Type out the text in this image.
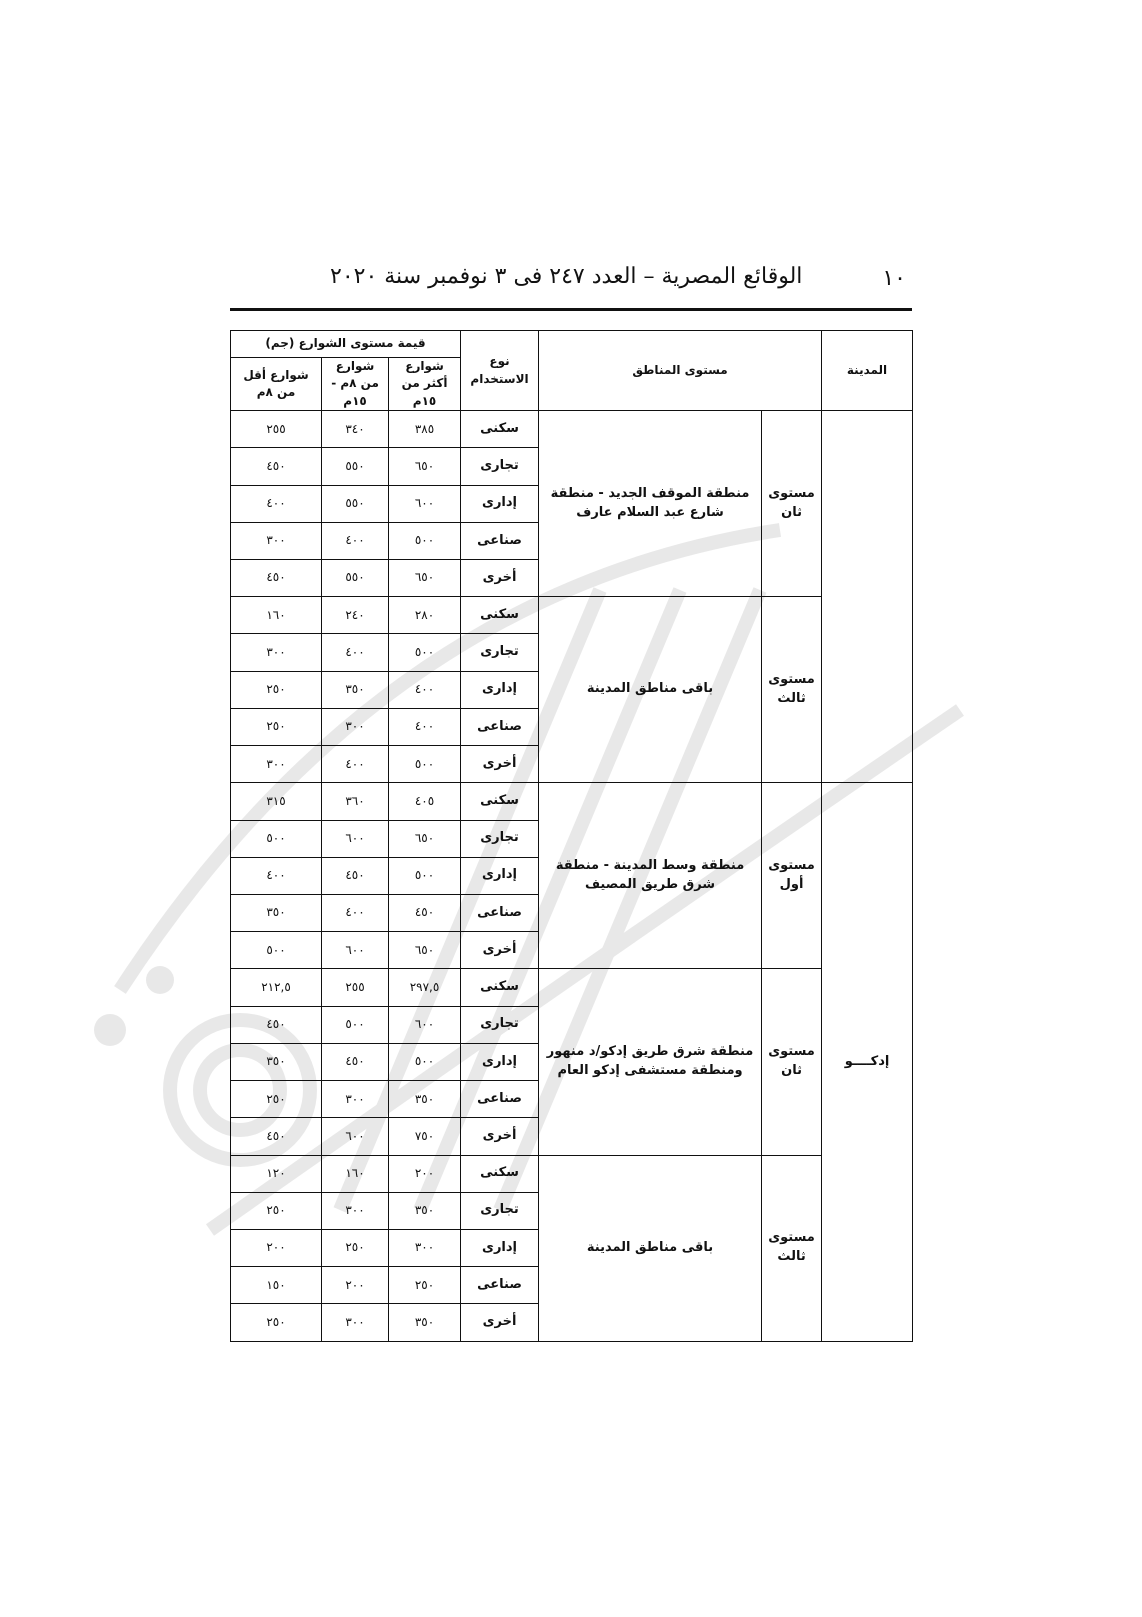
١٠
الوقائع المصرية – العدد ٢٤٧ فى ٣ نوفمبر سنة ٢٠٢٠
المدينة	مستوى المناطق		نوع الاستخدام	قيمة مستوى الشوارع (جم)		
				شوارع أكثر من ١٥م	شوارع من ٨م - ١٥م	شوارع أقل من ٨م
	مستوى ثان	منطقة الموقف الجديد - منطقة شارع عبد السلام عارف	سكنى	٣٨٥	٣٤٠	٢٥٥
			تجارى	٦٥٠	٥٥٠	٤٥٠
			إدارى	٦٠٠	٥٥٠	٤٠٠
			صناعى	٥٠٠	٤٠٠	٣٠٠
			أخرى	٦٥٠	٥٥٠	٤٥٠
	مستوى ثالث	باقى مناطق المدينة	سكنى	٢٨٠	٢٤٠	١٦٠
			تجارى	٥٠٠	٤٠٠	٣٠٠
			إدارى	٤٠٠	٣٥٠	٢٥٠
			صناعى	٤٠٠	٣٠٠	٢٥٠
			أخرى	٥٠٠	٤٠٠	٣٠٠
إدكــــو	مستوى أول	منطقة وسط المدينة - منطقة شرق طريق المصيف	سكنى	٤٠٥	٣٦٠	٣١٥
			تجارى	٦٥٠	٦٠٠	٥٠٠
			إدارى	٥٠٠	٤٥٠	٤٠٠
			صناعى	٤٥٠	٤٠٠	٣٥٠
			أخرى	٦٥٠	٦٠٠	٥٠٠
	مستوى ثان	منطقة شرق طريق إدكو/د منهور ومنطقة مستشفى إدكو العام	سكنى	٢٩٧,٥	٢٥٥	٢١٢,٥
			تجارى	٦٠٠	٥٠٠	٤٥٠
			إدارى	٥٠٠	٤٥٠	٣٥٠
			صناعى	٣٥٠	٣٠٠	٢٥٠
			أخرى	٧٥٠	٦٠٠	٤٥٠
	مستوى ثالث	باقى مناطق المدينة	سكنى	٢٠٠	١٦٠	١٢٠
			تجارى	٣٥٠	٣٠٠	٢٥٠
			إدارى	٣٠٠	٢٥٠	٢٠٠
			صناعى	٢٥٠	٢٠٠	١٥٠
			أخرى	٣٥٠	٣٠٠	٢٥٠
